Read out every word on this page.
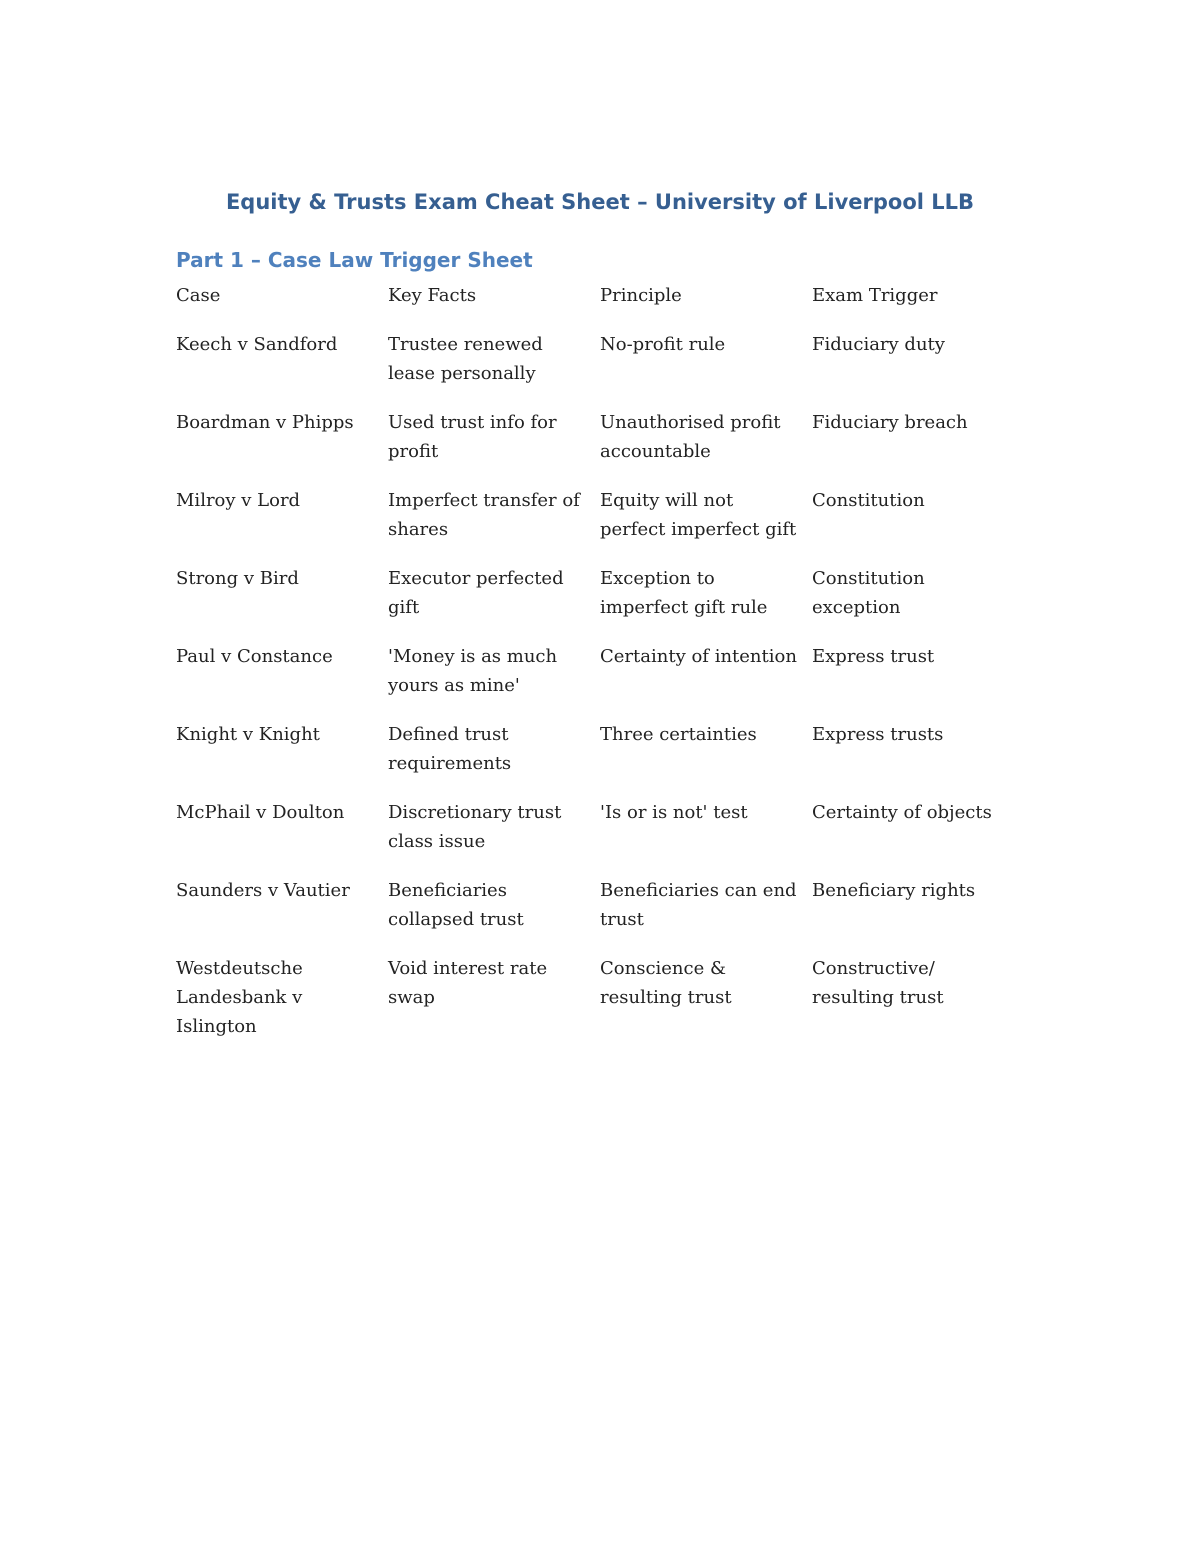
Equity & Trusts Exam Cheat Sheet – University of Liverpool LLB
Part 1 – Case Law Trigger Sheet
Case	Key Facts	Principle	Exam Trigger
Keech v Sandford	Trustee renewed lease personally	No-profit rule	Fiduciary duty
Boardman v Phipps	Used trust info for profit	Unauthorised profit accountable	Fiduciary breach
Milroy v Lord	Imperfect transfer of shares	Equity will not perfect imperfect gift	Constitution
Strong v Bird	Executor perfected gift	Exception to imperfect gift rule	Constitution exception
Paul v Constance	'Money is as much yours as mine'	Certainty of intention	Express trust
Knight v Knight	Defined trust requirements	Three certainties	Express trusts
McPhail v Doulton	Discretionary trust class issue	'Is or is not' test	Certainty of objects
Saunders v Vautier	Beneficiaries collapsed trust	Beneficiaries can end trust	Beneficiary rights
Westdeutsche Landesbank v Islington	Void interest rate swap	Conscience & resulting trust	Constructive/ resulting trust
